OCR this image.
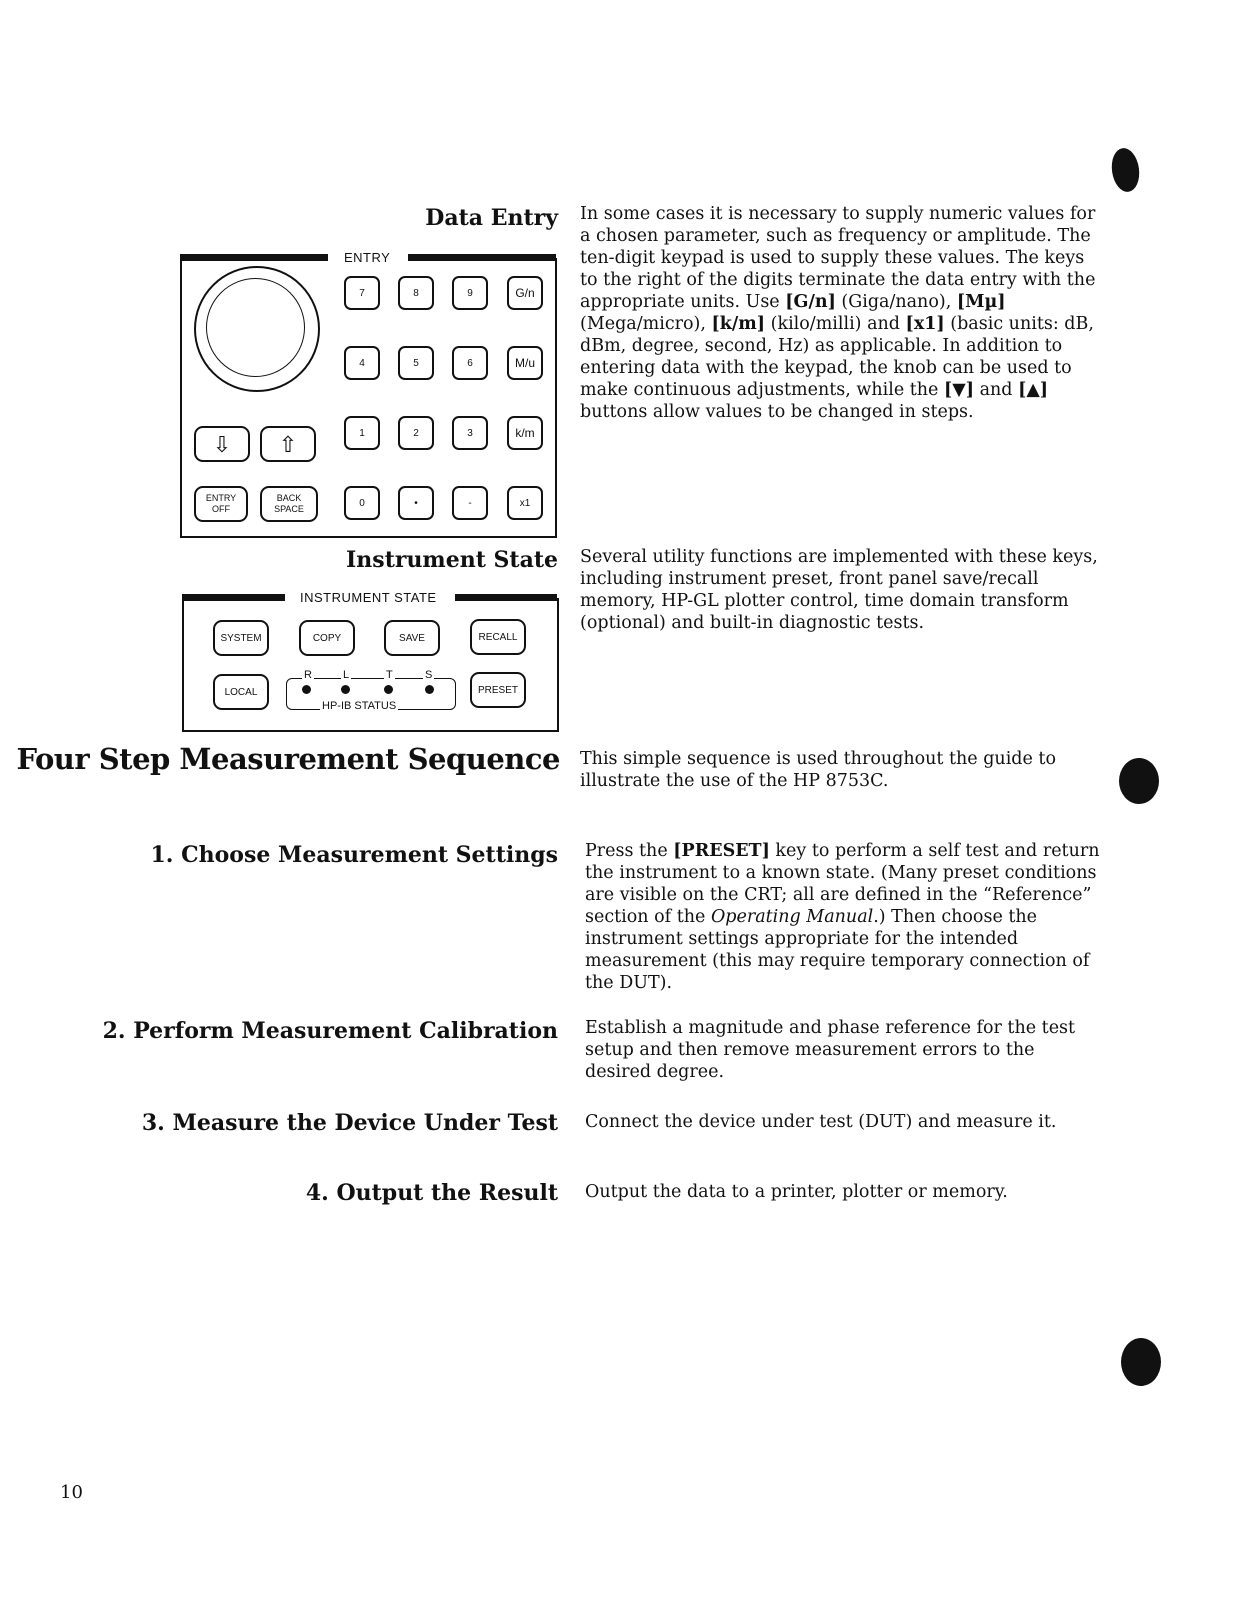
Data Entry
ENTRY
7	8	9	G/n
4	5	6	M/u
⇩	⇧	1	2	3	k/m
ENTRY OFF
BACK SPACE
0	•	-	x1

In some cases it is necessary to supply numeric values for a chosen parameter, such as frequency or amplitude. The ten-digit keypad is used to supply these values. The keys to the right of the digits terminate the data entry with the appropriate units. Use [G/n] (Giga/nano), [Mµ] (Mega/micro), [k/m] (kilo/milli) and [x1] (basic units: dB, dBm, degree, second, Hz) as applicable. In addition to entering data with the keypad, the knob can be used to make continuous adjustments, while the [▼] and [▲] buttons allow values to be changed in steps.

Instrument State
INSTRUMENT STATE
SYSTEM	COPY	SAVE	RECALL
LOCAL	PRESET
R	L	T	S
HP-IB STATUS

Several utility functions are implemented with these keys, including instrument preset, front panel save/recall memory, HP-GL plotter control, time domain transform (optional) and built-in diagnostic tests.

Four Step Measurement Sequence This simple sequence is used throughout the guide to illustrate the use of the HP 8753C.

1. Choose Measurement Settings Press the [PRESET] key to perform a self test and return the instrument to a known state. (Many preset conditions are visible on the CRT; all are defined in the “Reference” section of the Operating Manual.) Then choose the instrument settings appropriate for the intended measurement (this may require temporary connection of the DUT).

2. Perform Measurement Calibration Establish a magnitude and phase reference for the test setup and then remove measurement errors to the desired degree.

3. Measure the Device Under Test Connect the device under test (DUT) and measure it.

4. Output the Result Output the data to a printer, plotter or memory.

10
